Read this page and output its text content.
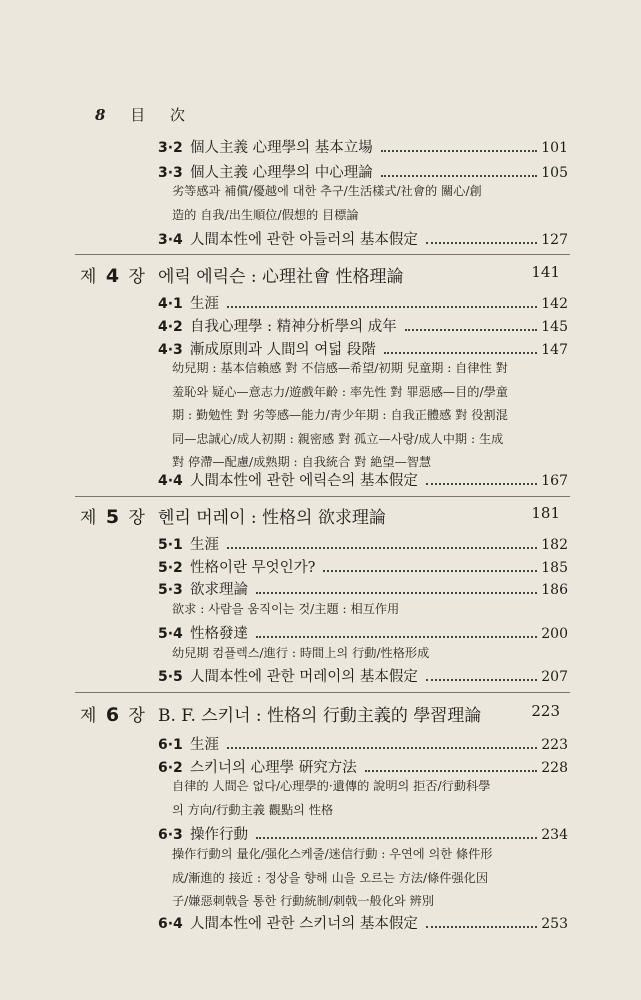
8 目 次
3·2 個人主義 心理學의 基本立場	101
3·3 個人主義 心理學의 中心理論	105
劣等感과 補償/優越에 대한 추구/生活樣式/社會的 關心/創
造的 自我/出生順位/假想的 目標論
3·4 人間本性에 관한 아들러의 基本假定	127
제 4 장 에릭 에릭슨 : 心理社會 性格理論	141
4·1 生涯	142
4·2 自我心理學 : 精神分析學의 成年	145
4·3 漸成原則과 人間의 여덟 段階	147
幼兒期 : 基本信賴感 對 不信感—希望/初期 兒童期 : 自律性 對
羞恥와 疑心—意志力/遊戲年齡 : 率先性 對 罪惡感—目的/學童
期 : 勤勉性 對 劣等感—能力/靑少年期 : 自我正體感 對 役割混
同—忠誠心/成人初期 : 親密感 對 孤立—사랑/成人中期 : 生成
對 停滯—配慮/成熟期 : 自我統合 對 絶望—智慧
4·4 人間本性에 관한 에릭슨의 基本假定	167
제 5 장 헨리 머레이 : 性格의 欲求理論	181
5·1 生涯	182
5·2 性格이란 무엇인가?	185
5·3 欲求理論	186
欲求 : 사람을 움직이는 것/主題 : 相互作用
5·4 性格發達	200
幼兒期 컴플렉스/進行 : 時間上의 行動/性格形成
5·5 人間本性에 관한 머레이의 基本假定	207
제 6 장 B. F. 스키너 : 性格의 行動主義的 學習理論	223
6·1 生涯	223
6·2 스키너의 心理學 硏究方法	228
自律的 人間은 없다/心理學的·遺傳的 說明의 拒否/行動科學
의 方向/行動主義 觀點의 性格
6·3 操作行動	234
操作行動의 量化/强化스케줄/迷信行動 : 우연에 의한 條件形
成/漸進的 接近 : 정상을 향해 山을 오르는 方法/條件强化因
子/嫌惡刺戟을 통한 行動統制/刺戟一般化와 辨別
6·4 人間本性에 관한 스키너의 基本假定	253
